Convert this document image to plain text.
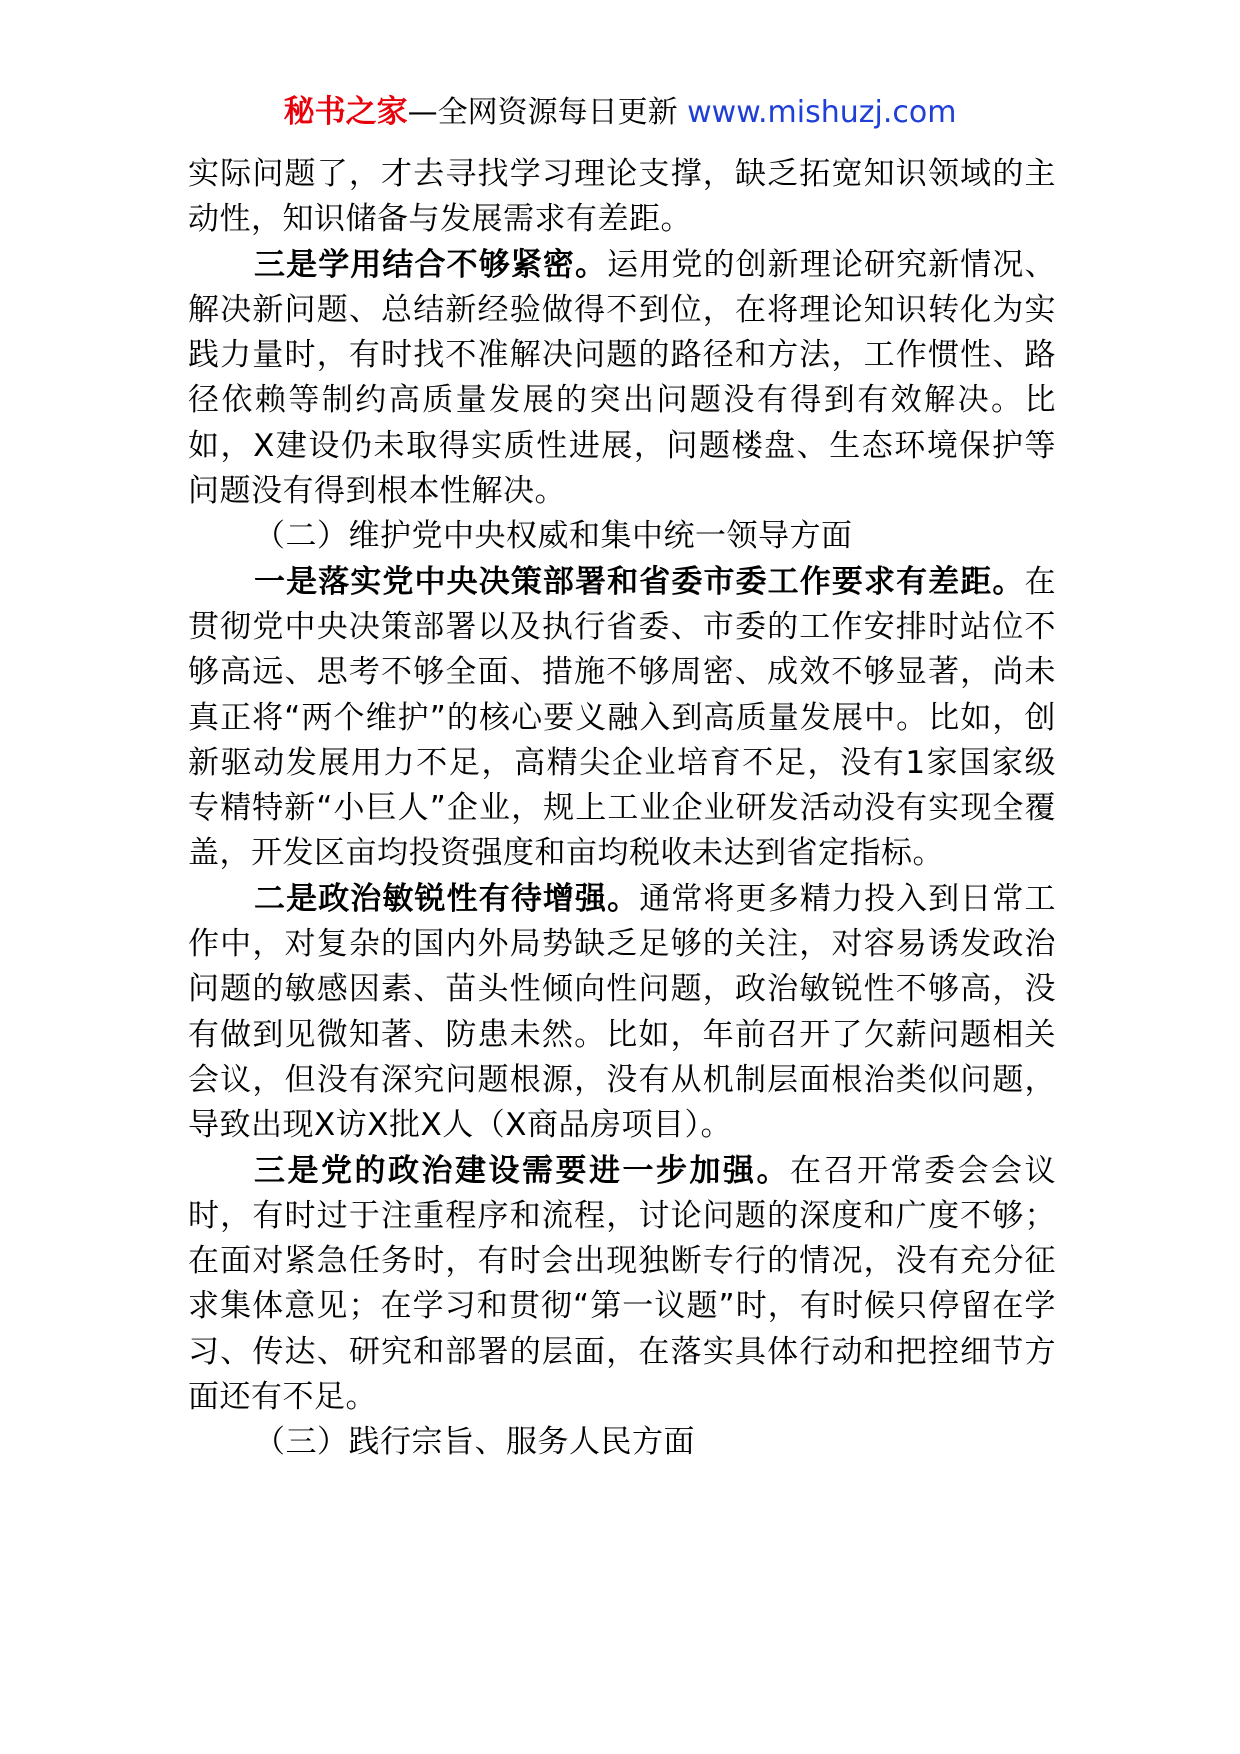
秘书之家—全网资源每日更新 www.mishuzj.com

实际问题了，才去寻找学习理论支撑，缺乏拓宽知识领域的主动性，知识储备与发展需求有差距。

三是学用结合不够紧密。运用党的创新理论研究新情况、解决新问题、总结新经验做得不到位，在将理论知识转化为实践力量时，有时找不准解决问题的路径和方法，工作惯性、路径依赖等制约高质量发展的突出问题没有得到有效解决。比如，X建设仍未取得实质性进展，问题楼盘、生态环境保护等问题没有得到根本性解决。

（二）维护党中央权威和集中统一领导方面

一是落实党中央决策部署和省委市委工作要求有差距。在贯彻党中央决策部署以及执行省委、市委的工作安排时站位不够高远、思考不够全面、措施不够周密、成效不够显著，尚未真正将“两个维护”的核心要义融入到高质量发展中。比如，创新驱动发展用力不足，高精尖企业培育不足，没有1家国家级专精特新“小巨人”企业，规上工业企业研发活动没有实现全覆盖，开发区亩均投资强度和亩均税收未达到省定指标。

二是政治敏锐性有待增强。通常将更多精力投入到日常工作中，对复杂的国内外局势缺乏足够的关注，对容易诱发政治问题的敏感因素、苗头性倾向性问题，政治敏锐性不够高，没有做到见微知著、防患未然。比如，年前召开了欠薪问题相关会议，但没有深究问题根源，没有从机制层面根治类似问题，导致出现X访X批X人（X商品房项目）。

三是党的政治建设需要进一步加强。在召开常委会会议时，有时过于注重程序和流程，讨论问题的深度和广度不够；在面对紧急任务时，有时会出现独断专行的情况，没有充分征求集体意见；在学习和贯彻“第一议题”时，有时候只停留在学习、传达、研究和部署的层面，在落实具体行动和把控细节方面还有不足。

（三）践行宗旨、服务人民方面
